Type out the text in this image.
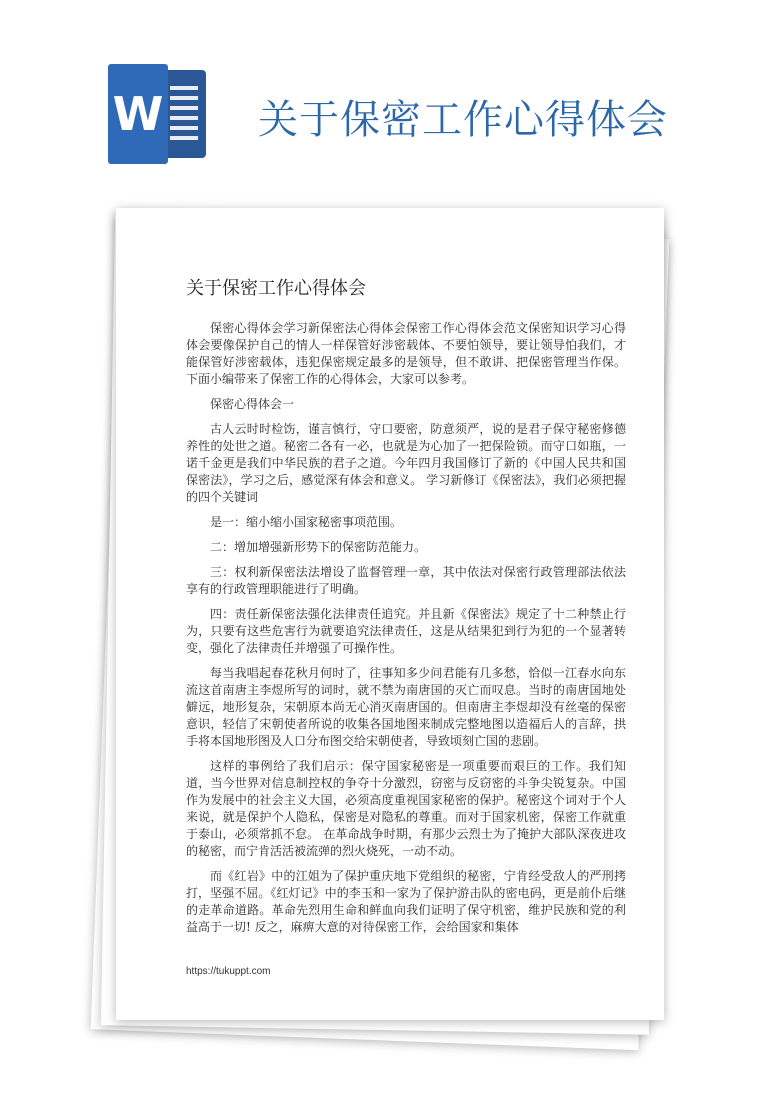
W 关于保密工作心得体会
关于保密工作心得体会

保密心得体会学习新保密法心得体会保密工作心得体会范文保密知识学习心得体会要像保护自己的情人一样保管好涉密载体、不要怕领导，要让领导怕我们，才能保管好涉密载体，违犯保密规定最多的是领导，但不敢讲、把保密管理当作保。下面小编带来了保密工作的心得体会，大家可以参考。

保密心得体会一

古人云时时检饬，谨言慎行，守口要密，防意须严，说的是君子保守秘密修德养性的处世之道。秘密二各有一必，也就是为心加了一把保险锁。而守口如瓶，一诺千金更是我们中华民族的君子之道。今年四月我国修订了新的《中国人民共和国保密法》，学习之后，感觉深有体会和意义。 学习新修订《保密法》，我们必须把握的四个关键词

是一：缩小缩小国家秘密事项范围。

二：增加增强新形势下的保密防范能力。

三：权利新保密法法增设了监督管理一章，其中依法对保密行政管理部法依法享有的行政管理职能进行了明确。

四：责任新保密法强化法律责任追究。并且新《保密法》规定了十二种禁止行为，只要有这些危害行为就要追究法律责任，这是从结果犯到行为犯的一个显著转变，强化了法律责任并增强了可操作性。

每当我唱起春花秋月何时了，往事知多少问君能有几多愁，恰似一江春水向东流这首南唐主李煜所写的词时，就不禁为南唐国的灭亡而叹息。当时的南唐国地处僻远，地形复杂，宋朝原本尚无心消灭南唐国的。但南唐主李煜却没有丝毫的保密意识，轻信了宋朝使者所说的收集各国地图来制成完整地图以造福后人的言辞，拱手将本国地形图及人口分布图交给宋朝使者，导致顷刻亡国的悲剧。

这样的事例给了我们启示：保守国家秘密是一项重要而艰巨的工作。我们知道，当今世界对信息制控权的争夺十分激烈，窃密与反窃密的斗争尖锐复杂。中国作为发展中的社会主义大国，必须高度重视国家秘密的保护。秘密这个词对于个人来说，就是保护个人隐私，保密是对隐私的尊重。而对于国家机密，保密工作就重于泰山，必须常抓不怠。 在革命战争时期，有那少云烈士为了掩护大部队深夜进攻的秘密，而宁肯活活被流弹的烈火烧死，一动不动。

而《红岩》中的江姐为了保护重庆地下党组织的秘密，宁肯经受敌人的严刑拷打，坚强不屈。《红灯记》中的李玉和一家为了保护游击队的密电码，更是前仆后继的走革命道路。革命先烈用生命和鲜血向我们证明了保守机密，维护民族和党的利益高于一切! 反之，麻痹大意的对待保密工作，会给国家和集体

https://tukuppt.com
